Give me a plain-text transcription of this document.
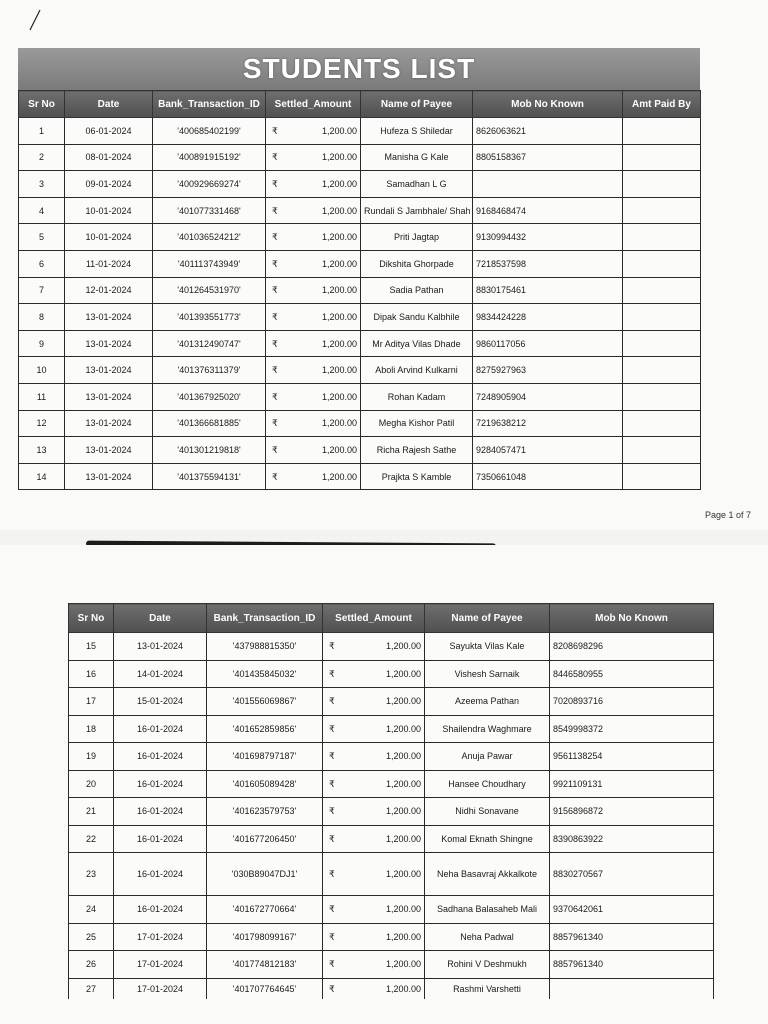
STUDENTS LIST
Sr No	Date	Bank_Transaction_ID	Settled_Amount	Name of Payee	Mob No Known	Amt Paid By
1	06-01-2024	'400685402199'	₹ 1,200.00	Hufeza S Shiledar	8626063621	
2	08-01-2024	'400891915192'	₹ 1,200.00	Manisha G Kale	8805158367	
3	09-01-2024	'400929669274'	₹ 1,200.00	Samadhan L G		
4	10-01-2024	'401077331468'	₹ 1,200.00	Rundali S Jambhale/ Shah	9168468474	
5	10-01-2024	'401036524212'	₹ 1,200.00	Priti Jagtap	9130994432	
6	11-01-2024	'401113743949'	₹ 1,200.00	Dikshita Ghorpade	7218537598	
7	12-01-2024	'401264531970'	₹ 1,200.00	Sadia Pathan	8830175461	
8	13-01-2024	'401393551773'	₹ 1,200.00	Dipak Sandu Kalbhile	9834424228	
9	13-01-2024	'401312490747'	₹ 1,200.00	Mr Aditya Vilas Dhade	9860117056	
10	13-01-2024	'401376311379'	₹ 1,200.00	Aboli Arvind Kulkarni	8275927963	
11	13-01-2024	'401367925020'	₹ 1,200.00	Rohan Kadam	7248905904	
12	13-01-2024	'401366681885'	₹ 1,200.00	Megha Kishor Patil	7219638212	
13	13-01-2024	'401301219818'	₹ 1,200.00	Richa Rajesh Sathe	9284057471	
14	13-01-2024	'401375594131'	₹ 1,200.00	Prajkta S Kamble	7350661048	
Page 1 of 7
Sr No	Date	Bank_Transaction_ID	Settled_Amount	Name of Payee	Mob No Known
15	13-01-2024	'437988815350'	₹ 1,200.00	Sayukta Vilas Kale	8208698296
16	14-01-2024	'401435845032'	₹ 1,200.00	Vishesh Sarnaik	8446580955
17	15-01-2024	'401556069867'	₹ 1,200.00	Azeema Pathan	7020893716
18	16-01-2024	'401652859856'	₹ 1,200.00	Shailendra Waghmare	8549998372
19	16-01-2024	'401698797187'	₹ 1,200.00	Anuja Pawar	9561138254
20	16-01-2024	'401605089428'	₹ 1,200.00	Hansee Choudhary	9921109131
21	16-01-2024	'401623579753'	₹ 1,200.00	Nidhi Sonavane	9156896872
22	16-01-2024	'401677206450'	₹ 1,200.00	Komal Eknath Shingne	8390863922
23	16-01-2024	'030B89047DJ1'	₹ 1,200.00	Neha Basavraj Akkalkote	8830270567
24	16-01-2024	'401672770664'	₹ 1,200.00	Sadhana Balasaheb Mali	9370642061
25	17-01-2024	'401798099167'	₹ 1,200.00	Neha Padwal	8857961340
26	17-01-2024	'401774812183'	₹ 1,200.00	Rohini V Deshmukh	8857961340
27	17-01-2024	'401707764645'	₹ 1,200.00	Rashmi Varshetti	
